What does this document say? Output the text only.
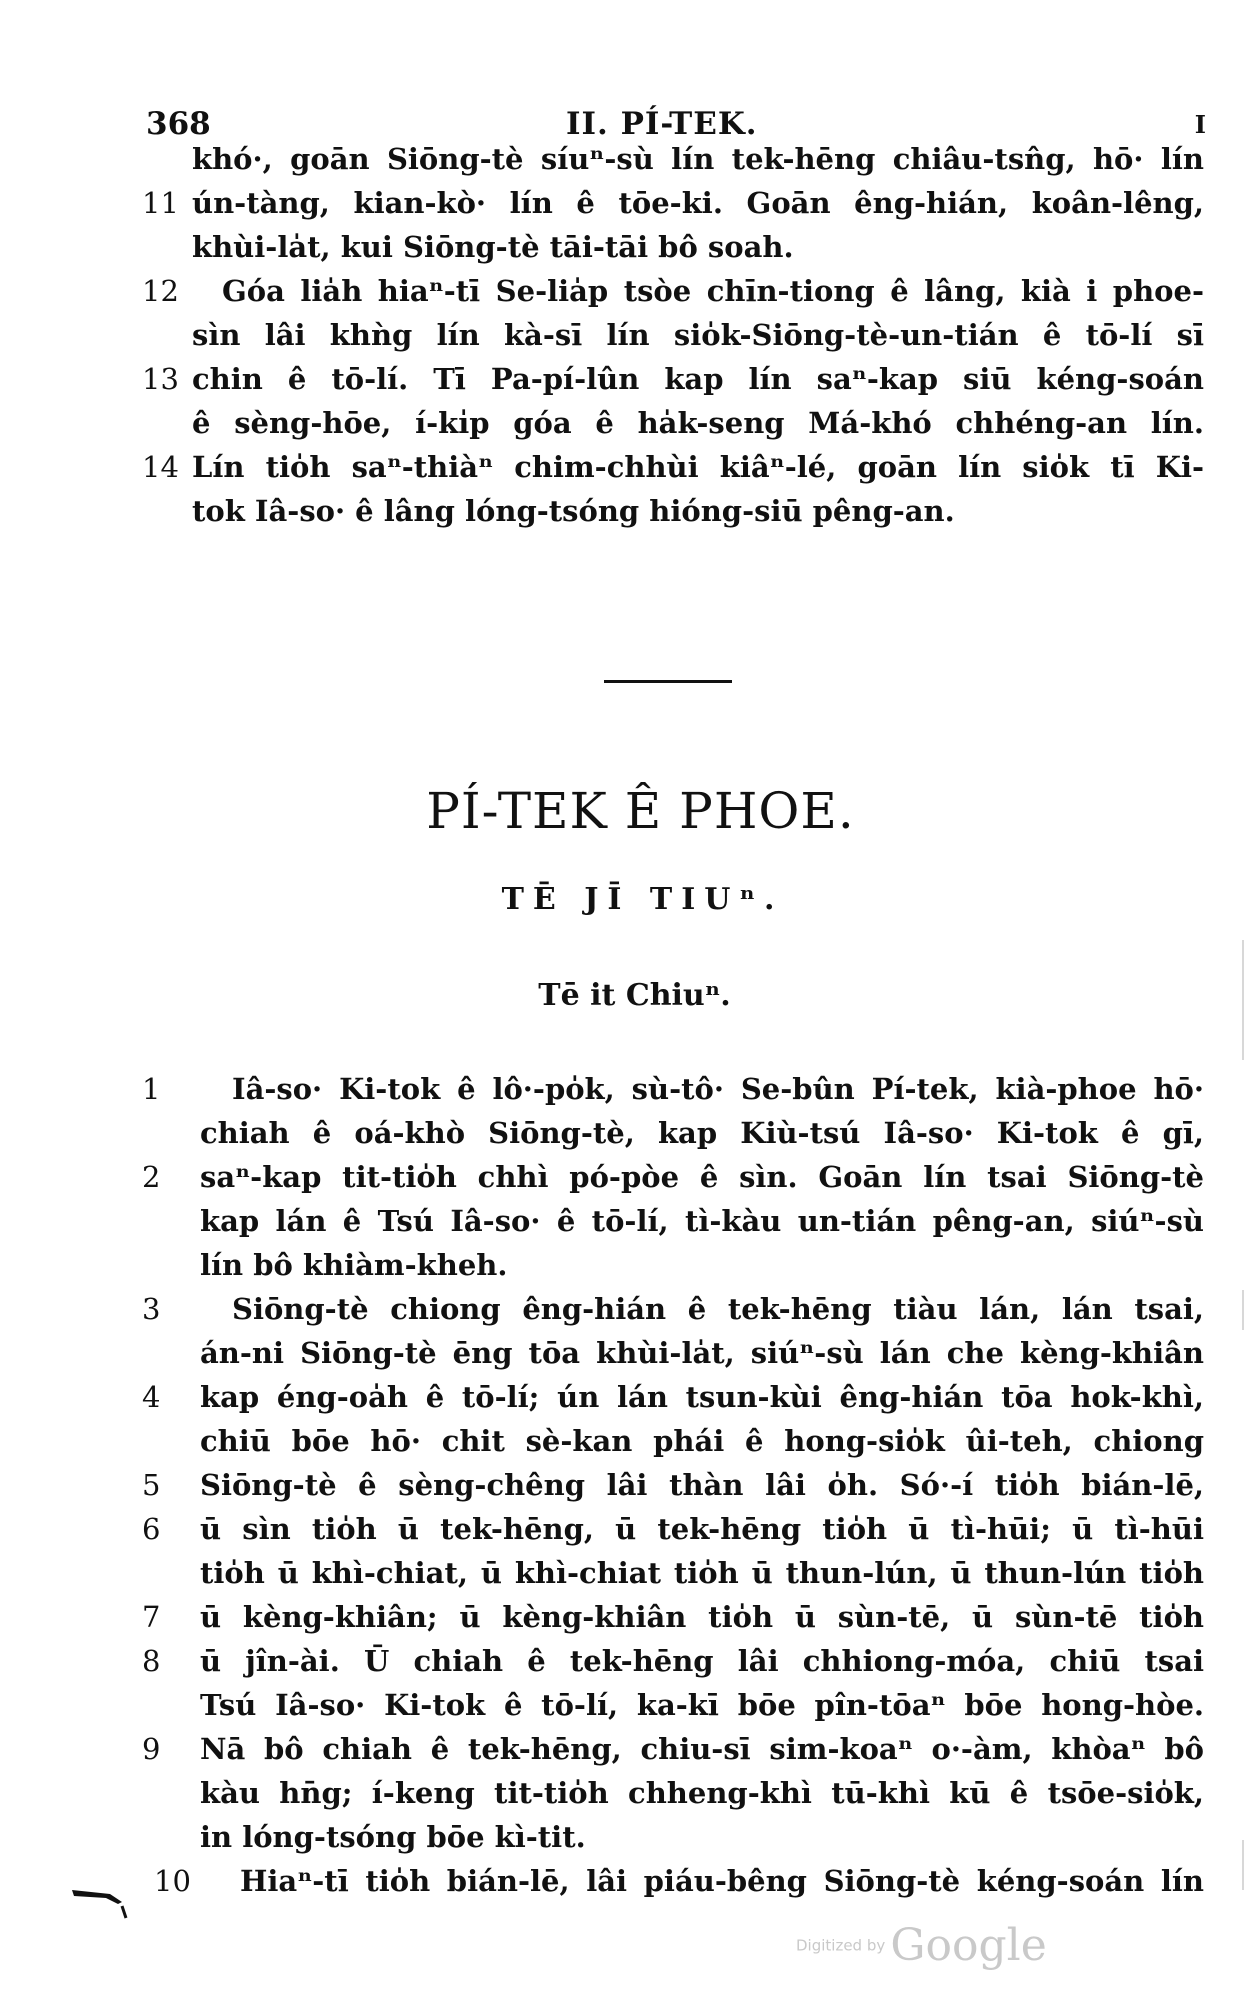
368	II. PÍ-TEK.	I
khó·, goān Siōng-tè síuⁿ-sù lín tek-hēng chiâu-tsn̂g, hō· lín
11 ún-tàng, kian-kò· lín ê tōe-ki. Goān êng-hián, koân-lêng,
khùi-la̍t, kui Siōng-tè tāi-tāi bô soah.
12	Góa lia̍h hiaⁿ-tī Se-lia̍p tsòe chīn-tiong ê lâng, kià i phoe-
sìn lâi khǹg lín kà-sī lín sio̍k-Siōng-tè-un-tián ê tō-lí sī
13 chin ê tō-lí. Tī Pa-pí-lûn kap lín saⁿ-kap siū kéng-soán
ê sèng-hōe, í-ki̍p góa ê ha̍k-seng Má-khó chhéng-an lín.
14 Lín tio̍h saⁿ-thiàⁿ chim-chhùi kiâⁿ-lé, goān lín sio̍k tī Ki-
tok Iâ-so· ê lâng lóng-tsóng hióng-siū pêng-an.
PÍ-TEK Ê PHOE.
TĒ JĪ TIUⁿ.
Tē it Chiuⁿ.
1	Iâ-so· Ki-tok ê lô·-po̍k, sù-tô· Se-bûn Pí-tek, kià-phoe hō·
chiah ê oá-khò Siōng-tè, kap Kiù-tsú Iâ-so· Ki-tok ê gī,
2	saⁿ-kap tit-tio̍h chhì pó-pòe ê sìn. Goān lín tsai Siōng-tè
kap lán ê Tsú Iâ-so· ê tō-lí, tì-kàu un-tián pêng-an, siúⁿ-sù
lín bô khiàm-kheh.
3	Siōng-tè chiong êng-hián ê tek-hēng tiàu lán, lán tsai,
án-ni Siōng-tè ēng tōa khùi-la̍t, siúⁿ-sù lán che kèng-khiân
4	kap éng-oa̍h ê tō-lí; ún lán tsun-kùi êng-hián tōa hok-khì,
chiū bōe hō· chit sè-kan phái ê hong-sio̍k ûi-teh, chiong
5	Siōng-tè ê sèng-chêng lâi thàn lâi o̍h. Só·-í tio̍h bián-lē,
6	ū sìn tio̍h ū tek-hēng, ū tek-hēng tio̍h ū tì-hūi; ū tì-hūi
tio̍h ū khì-chiat, ū khì-chiat tio̍h ū thun-lún, ū thun-lún tio̍h
7	ū kèng-khiân; ū kèng-khiân tio̍h ū sùn-tē, ū sùn-tē tio̍h
8	ū jîn-ài. Ū chiah ê tek-hēng lâi chhiong-móa, chiū tsai
Tsú Iâ-so· Ki-tok ê tō-lí, ka-kī bōe pîn-tōaⁿ bōe hong-hòe.
9	Nā bô chiah ê tek-hēng, chiu-sī sim-koaⁿ o·-àm, khòaⁿ bô
kàu hn̄g; í-keng tit-tio̍h chheng-khì tū-khì kū ê tsōe-sio̍k,
in lóng-tsóng bōe kì-tit.
10	Hiaⁿ-tī tio̍h bián-lē, lâi piáu-bêng Siōng-tè kéng-soán lín
Digitized by Google
